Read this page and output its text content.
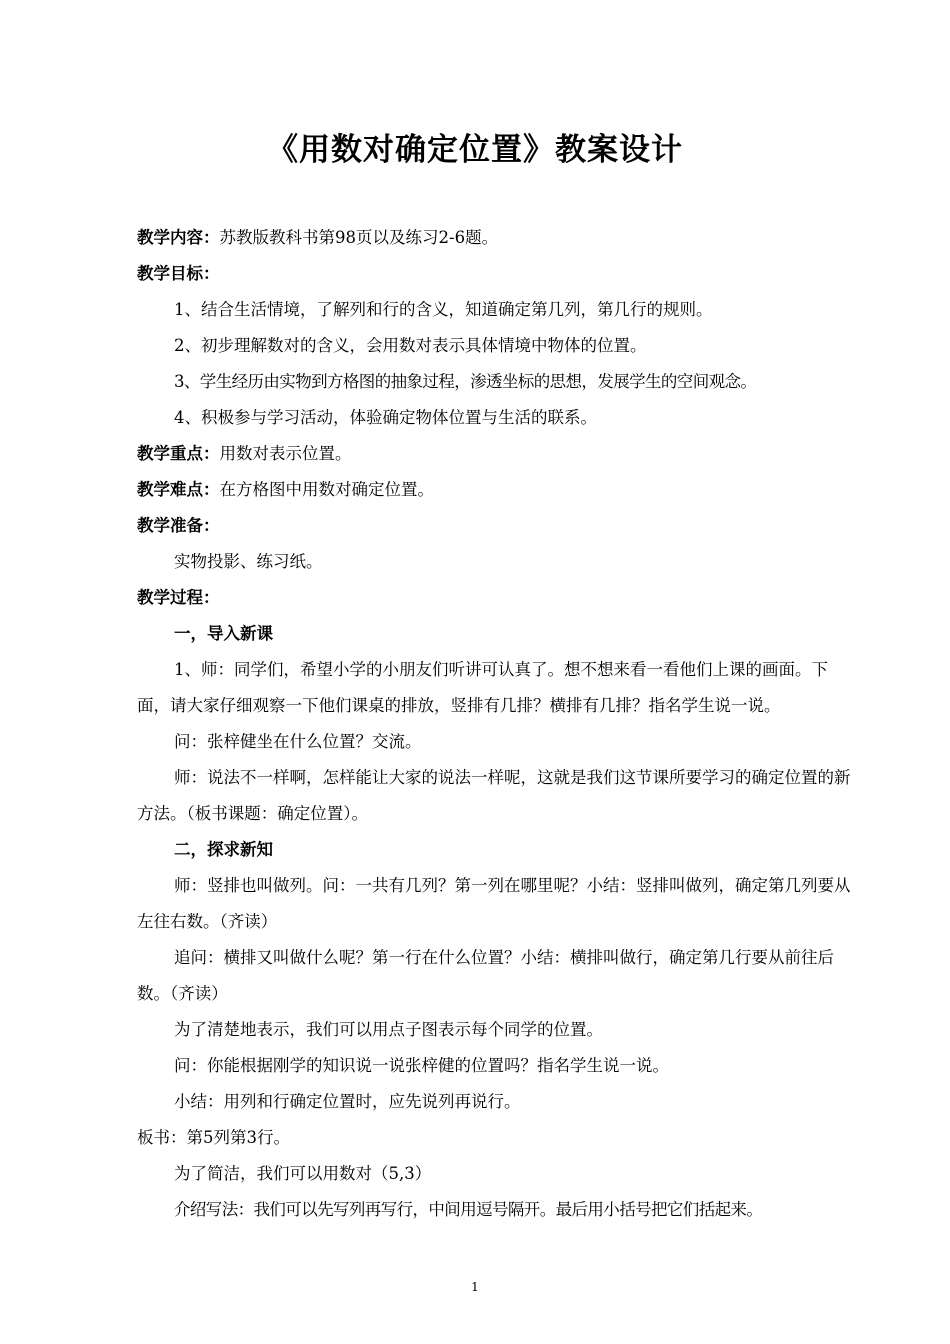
《用数对确定位置》教案设计

教学内容：苏教版教科书第98页以及练习2-6题。

教学目标：

1、结合生活情境，了解列和行的含义，知道确定第几列，第几行的规则。

2、初步理解数对的含义，会用数对表示具体情境中物体的位置。

3、学生经历由实物到方格图的抽象过程，渗透坐标的思想，发展学生的空间观念。

4、积极参与学习活动，体验确定物体位置与生活的联系。

教学重点：用数对表示位置。

教学难点：在方格图中用数对确定位置。

教学准备：

实物投影、练习纸。

教学过程：

一，导入新课

1、师：同学们，希望小学的小朋友们听讲可认真了。想不想来看一看他们上课的画面。下面，请大家仔细观察一下他们课桌的排放，竖排有几排？横排有几排？指名学生说一说。

问：张梓健坐在什么位置？交流。

师：说法不一样啊，怎样能让大家的说法一样呢，这就是我们这节课所要学习的确定位置的新方法。（板书课题：确定位置）。

二，探求新知

师：竖排也叫做列。问：一共有几列？第一列在哪里呢？小结：竖排叫做列，确定第几列要从左往右数。（齐读）

追问：横排又叫做什么呢？第一行在什么位置？小结：横排叫做行，确定第几行要从前往后数。（齐读）

为了清楚地表示，我们可以用点子图表示每个同学的位置。

问：你能根据刚学的知识说一说张梓健的位置吗？指名学生说一说。

小结：用列和行确定位置时，应先说列再说行。

板书：第5列第3行。

为了简洁，我们可以用数对（5,3）

介绍写法：我们可以先写列再写行，中间用逗号隔开。最后用小括号把它们括起来。

1
